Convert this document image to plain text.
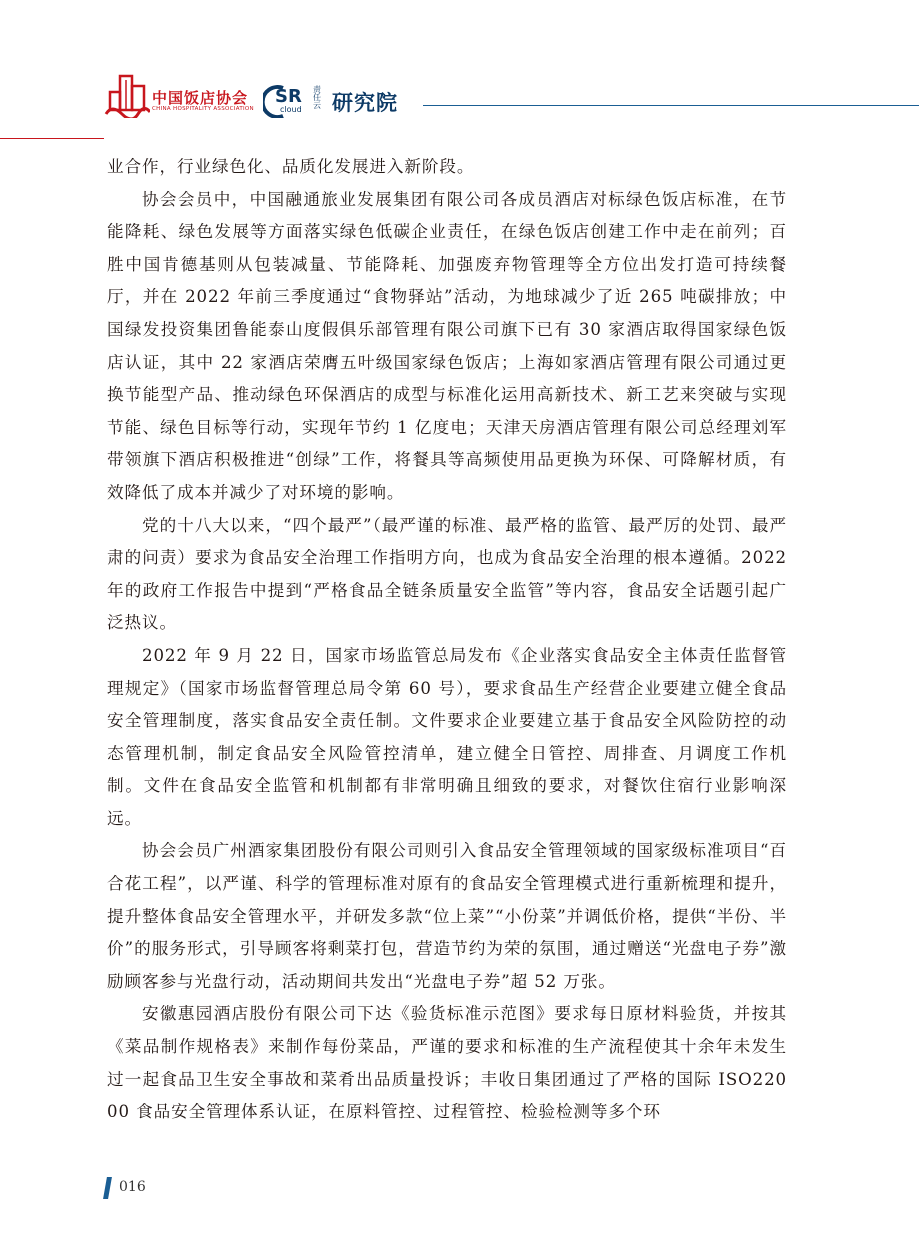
中国饭店协会
CHINA HOSPITALITY ASSOCIATION
SR
cloud
责任云 研究院

业合作，行业绿色化、品质化发展进入新阶段。

协会会员中，中国融通旅业发展集团有限公司各成员酒店对标绿色饭店标准，在节能降耗、绿色发展等方面落实绿色低碳企业责任，在绿色饭店创建工作中走在前列；百胜中国肯德基则从包装减量、节能降耗、加强废弃物管理等全方位出发打造可持续餐厅，并在 2022 年前三季度通过“食物驿站”活动，为地球减少了近 265 吨碳排放；中国绿发投资集团鲁能泰山度假俱乐部管理有限公司旗下已有 30 家酒店取得国家绿色饭店认证，其中 22 家酒店荣膺五叶级国家绿色饭店；上海如家酒店管理有限公司通过更换节能型产品、推动绿色环保酒店的成型与标准化运用高新技术、新工艺来突破与实现节能、绿色目标等行动，实现年节约 1 亿度电；天津天房酒店管理有限公司总经理刘军带领旗下酒店积极推进“创绿”工作，将餐具等高频使用品更换为环保、可降解材质，有效降低了成本并减少了对环境的影响。

党的十八大以来，“四个最严”（最严谨的标准、最严格的监管、最严厉的处罚、最严肃的问责）要求为食品安全治理工作指明方向，也成为食品安全治理的根本遵循。2022 年的政府工作报告中提到“严格食品全链条质量安全监管”等内容，食品安全话题引起广泛热议。

2022 年 9 月 22 日，国家市场监管总局发布《企业落实食品安全主体责任监督管理规定》（国家市场监督管理总局令第 60 号），要求食品生产经营企业要建立健全食品安全管理制度，落实食品安全责任制。文件要求企业要建立基于食品安全风险防控的动态管理机制，制定食品安全风险管控清单，建立健全日管控、周排查、月调度工作机制。文件在食品安全监管和机制都有非常明确且细致的要求，对餐饮住宿行业影响深远。

协会会员广州酒家集团股份有限公司则引入食品安全管理领域的国家级标准项目“百合花工程”，以严谨、科学的管理标准对原有的食品安全管理模式进行重新梳理和提升，提升整体食品安全管理水平，并研发多款“位上菜”“小份菜”并调低价格，提供“半份、半价”的服务形式，引导顾客将剩菜打包，营造节约为荣的氛围，通过赠送“光盘电子券”激励顾客参与光盘行动，活动期间共发出“光盘电子券”超 52 万张。

安徽惠园酒店股份有限公司下达《验货标准示范图》要求每日原材料验货，并按其《菜品制作规格表》来制作每份菜品，严谨的要求和标准的生产流程使其十余年未发生过一起食品卫生安全事故和菜肴出品质量投诉；丰收日集团通过了严格的国际 ISO22000 食品安全管理体系认证，在原料管控、过程管控、检验检测等多个环

016
